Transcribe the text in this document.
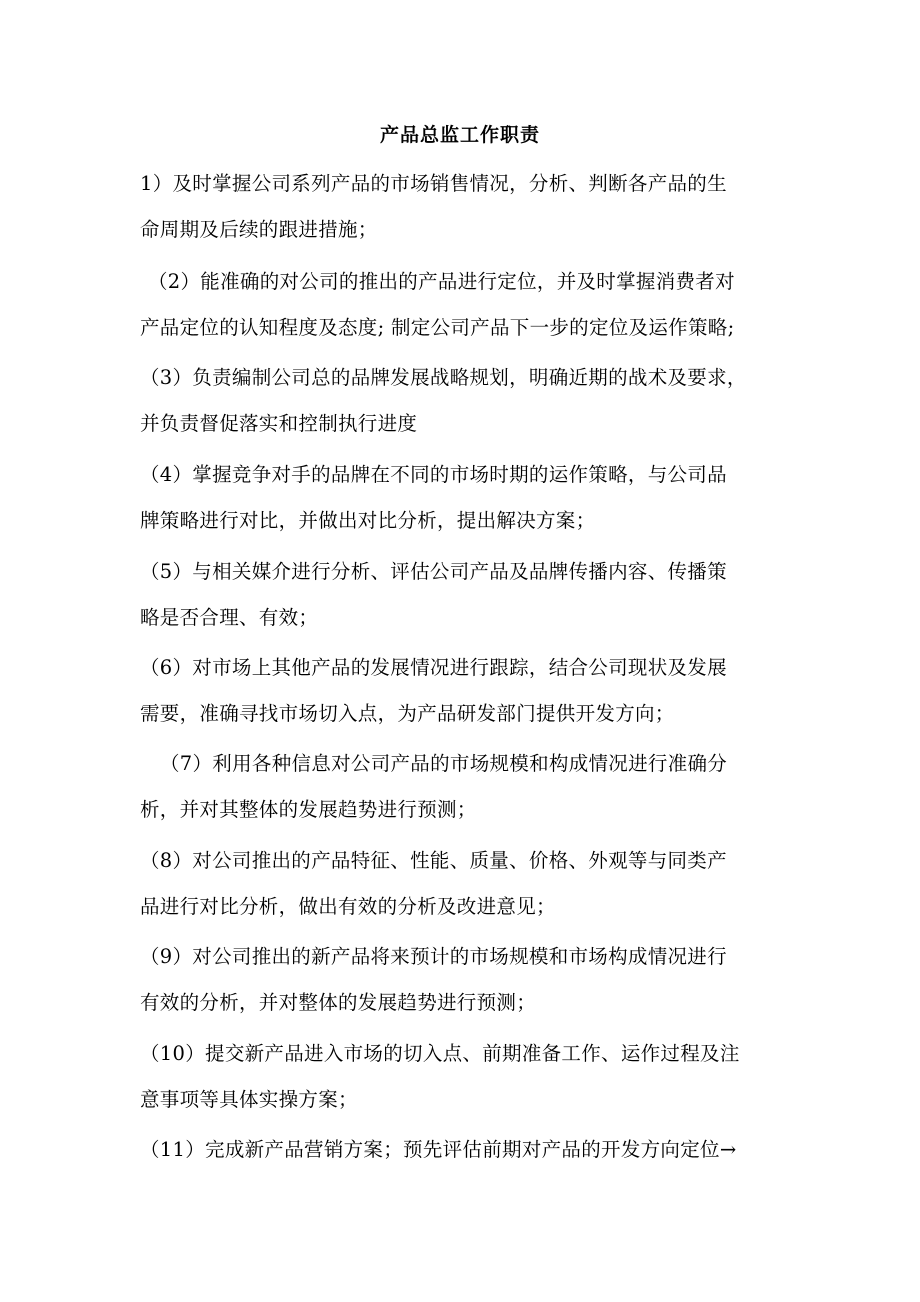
产品总监工作职责
1）及时掌握公司系列产品的市场销售情况，分析、判断各产品的生
命周期及后续的跟进措施；
（2）能准确的对公司的推出的产品进行定位，并及时掌握消费者对
产品定位的认知程度及态度; 制定公司产品下一步的定位及运作策略;
（3）负责编制公司总的品牌发展战略规划，明确近期的战术及要求，
并负责督促落实和控制执行进度
（4）掌握竞争对手的品牌在不同的市场时期的运作策略，与公司品
牌策略进行对比，并做出对比分析，提出解决方案；
（5）与相关媒介进行分析、评估公司产品及品牌传播内容、传播策
略是否合理、有效；
（6）对市场上其他产品的发展情况进行跟踪，结合公司现状及发展
需要，准确寻找市场切入点，为产品研发部门提供开发方向；
（7）利用各种信息对公司产品的市场规模和构成情况进行准确分
析，并对其整体的发展趋势进行预测；
（8）对公司推出的产品特征、性能、质量、价格、外观等与同类产
品进行对比分析，做出有效的分析及改进意见；
（9）对公司推出的新产品将来预计的市场规模和市场构成情况进行
有效的分析，并对整体的发展趋势进行预测；
（10）提交新产品进入市场的切入点、前期准备工作、运作过程及注
意事项等具体实操方案；
（11）完成新产品营销方案；预先评估前期对产品的开发方向定位→
